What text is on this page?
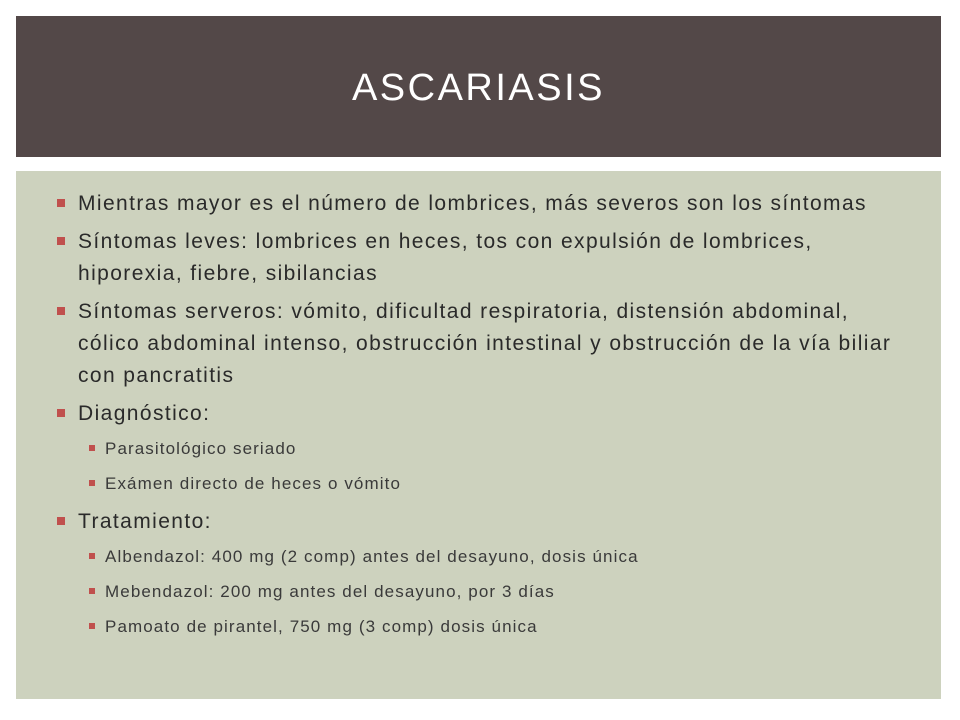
ASCARIASIS
Mientras mayor es el número de lombrices, más severos son los síntomas
Síntomas leves: lombrices en heces, tos con expulsión de lombrices, hiporexia, fiebre, sibilancias
Síntomas serveros: vómito, dificultad respiratoria, distensión abdominal, cólico abdominal intenso, obstrucción intestinal y obstrucción de la vía biliar con pancratitis
Diagnóstico:
Parasitológico seriado
Exámen directo de heces o vómito
Tratamiento:
Albendazol: 400 mg (2 comp) antes del desayuno, dosis única
Mebendazol: 200 mg antes del desayuno, por 3 días
Pamoato de pirantel, 750 mg (3 comp) dosis única
